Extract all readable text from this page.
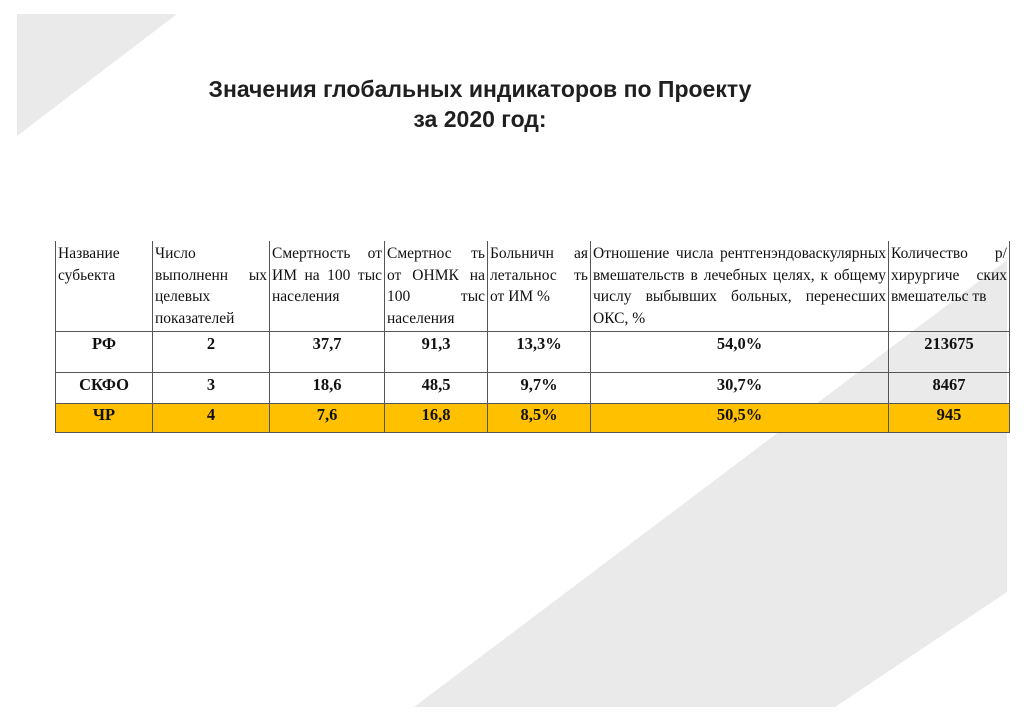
Значения глобальных индикаторов по Проекту
за 2020 год:
Название субьекта	Число выполненн ых целевых показателей	Смертность от ИМ на 100 тыс населения	Смертнос ть от ОНМК на 100 тыс населения	Больничн ая летальнос ть от ИМ %	Отношение числа рентгенэндоваскулярных вмешательств в лечебных целях, к общему числу выбывших больных, перенесших ОКС, %	Количество р/хирургиче ских вмешательс тв
РФ	2	37,7	91,3	13,3%	54,0%	213675
СКФО	3	18,6	48,5	9,7%	30,7%	8467
ЧР	4	7,6	16,8	8,5%	50,5%	945
